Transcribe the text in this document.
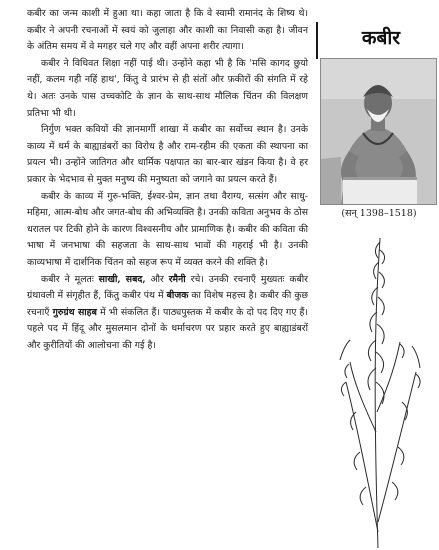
कबीर का जन्म काशी में हुआ था। कहा जाता है कि वे स्वामी रामानंद के शिष्य थे। कबीर ने अपनी रचनाओं में स्वयं को जुलाहा और काशी का निवासी कहा है। जीवन के अंतिम समय में वे मगहर चले गए और वहीं अपना शरीर त्यागा।

कबीर ने विधिवत शिक्षा नहीं पाई थी। उन्होंने कहा भी है कि 'मसि कागद छुयो नहीं, कलम गही नहिं हाथ', किंतु वे प्रारंभ से ही संतों और फ़कीरों की संगति में रहे थे। अतः उनके पास उच्चकोटि के ज्ञान के साथ-साथ मौलिक चिंतन की विलक्षण प्रतिभा भी थी।

निर्गुण भक्त कवियों की ज्ञानमार्गी शाखा में कबीर का सर्वोच्च स्थान है। उनके काव्य में धर्म के बाह्याडंबरों का विरोध है और राम-रहीम की एकता की स्थापना का प्रयत्न भी। उन्होंने जातिगत और धार्मिक पक्षपात का बार-बार खंडन किया है। वे हर प्रकार के भेदभाव से मुक्त मनुष्य की मनुष्यता को जगाने का प्रयत्न करते हैं।

कबीर के काव्य में गुरु-भक्ति, ईश्वर-प्रेम, ज्ञान तथा वैराग्य, सत्संग और साधु-महिमा, आत्म-बोध और जगत-बोध की अभिव्यक्ति है। उनकी कविता अनुभव के ठोस धरातल पर टिकी होने के कारण विश्वसनीय और प्रामाणिक है। कबीर की कविता की भाषा में जनभाषा की सहजता के साथ-साथ भावों की गहराई भी है। उनकी काव्यभाषा में दार्शनिक चिंतन को सहज रूप में व्यक्त करने की शक्ति है।

कबीर ने मूलतः साखी, सबद, और रमैनी रचे। उनकी रचनाएँ मुख्यतः कबीर ग्रंथावली में संगृहीत हैं, किंतु कबीर पंथ में बीजक का विशेष महत्त्व है। कबीर की कुछ रचनाएँ गुरुग्रंथ साहब में भी संकलित हैं। पाठ्यपुस्तक में कबीर के दो पद दिए गए हैं। पहले पद में हिंदू और मुसलमान दोनों के धर्माचरण पर प्रहार करते हुए बाह्याडंबरों और कुरीतियों की आलोचना की गई है।

कबीर
(सन् 1398–1518)
